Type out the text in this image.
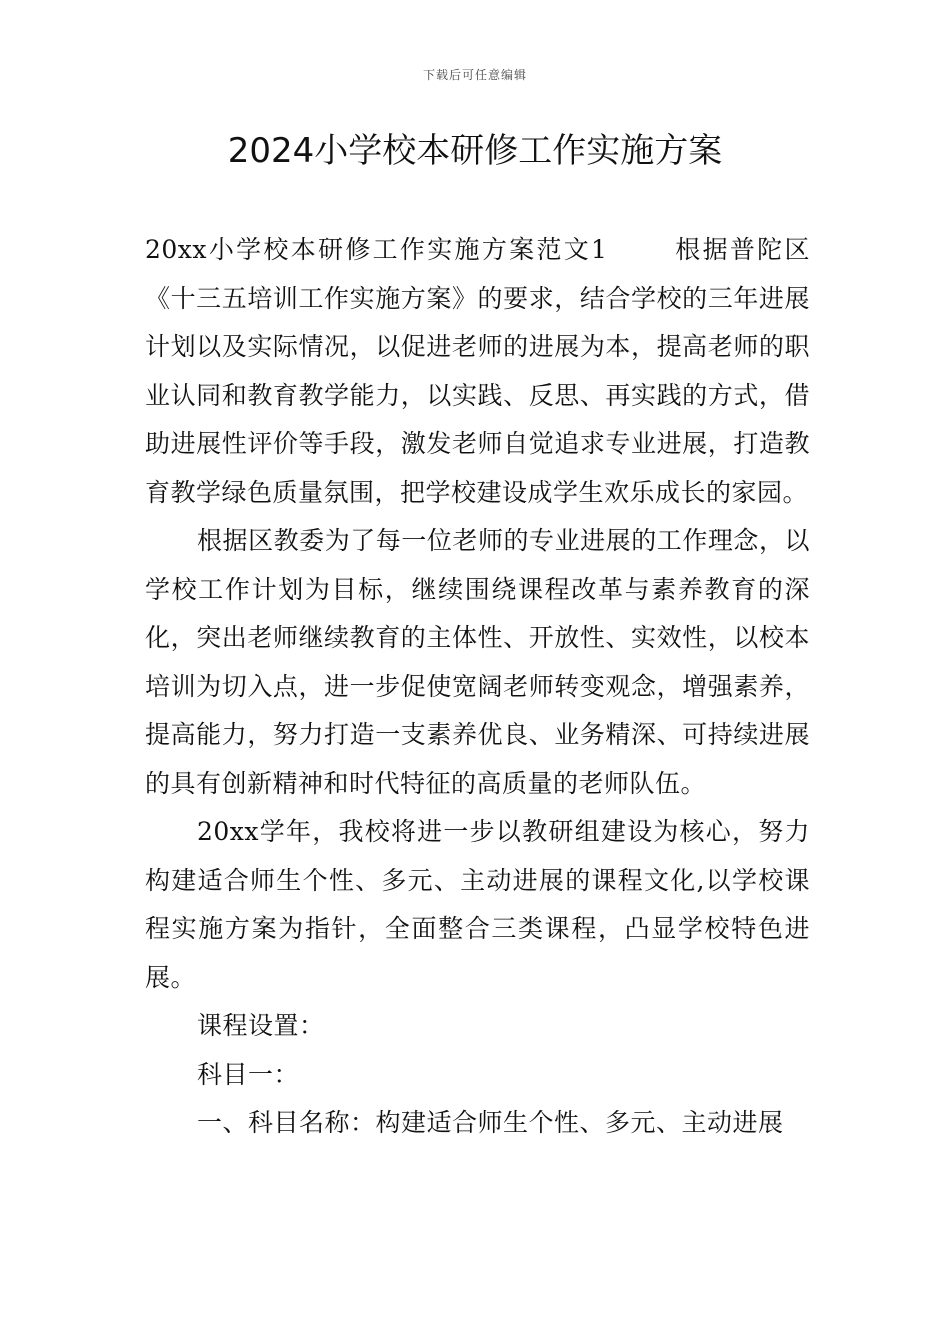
下载后可任意编辑
2024小学校本研修工作实施方案

20xx小学校本研修工作实施方案范文1	根据普陀区《十三五培训工作实施方案》的要求，结合学校的三年进展计划以及实际情况，以促进老师的进展为本，提高老师的职业认同和教育教学能力，以实践、反思、再实践的方式，借助进展性评价等手段，激发老师自觉追求专业进展，打造教育教学绿色质量氛围，把学校建设成学生欢乐成长的家园。

根据区教委为了每一位老师的专业进展的工作理念，以学校工作计划为目标，继续围绕课程改革与素养教育的深化，突出老师继续教育的主体性、开放性、实效性，以校本培训为切入点，进一步促使宽阔老师转变观念，增强素养，提高能力，努力打造一支素养优良、业务精深、可持续进展的具有创新精神和时代特征的高质量的老师队伍。

20xx学年，我校将进一步以教研组建设为核心，努力构建适合师生个性、多元、主动进展的课程文化,以学校课程实施方案为指针，全面整合三类课程，凸显学校特色进展。

课程设置：

科目一：

一、科目名称：构建适合师生个性、多元、主动进展
